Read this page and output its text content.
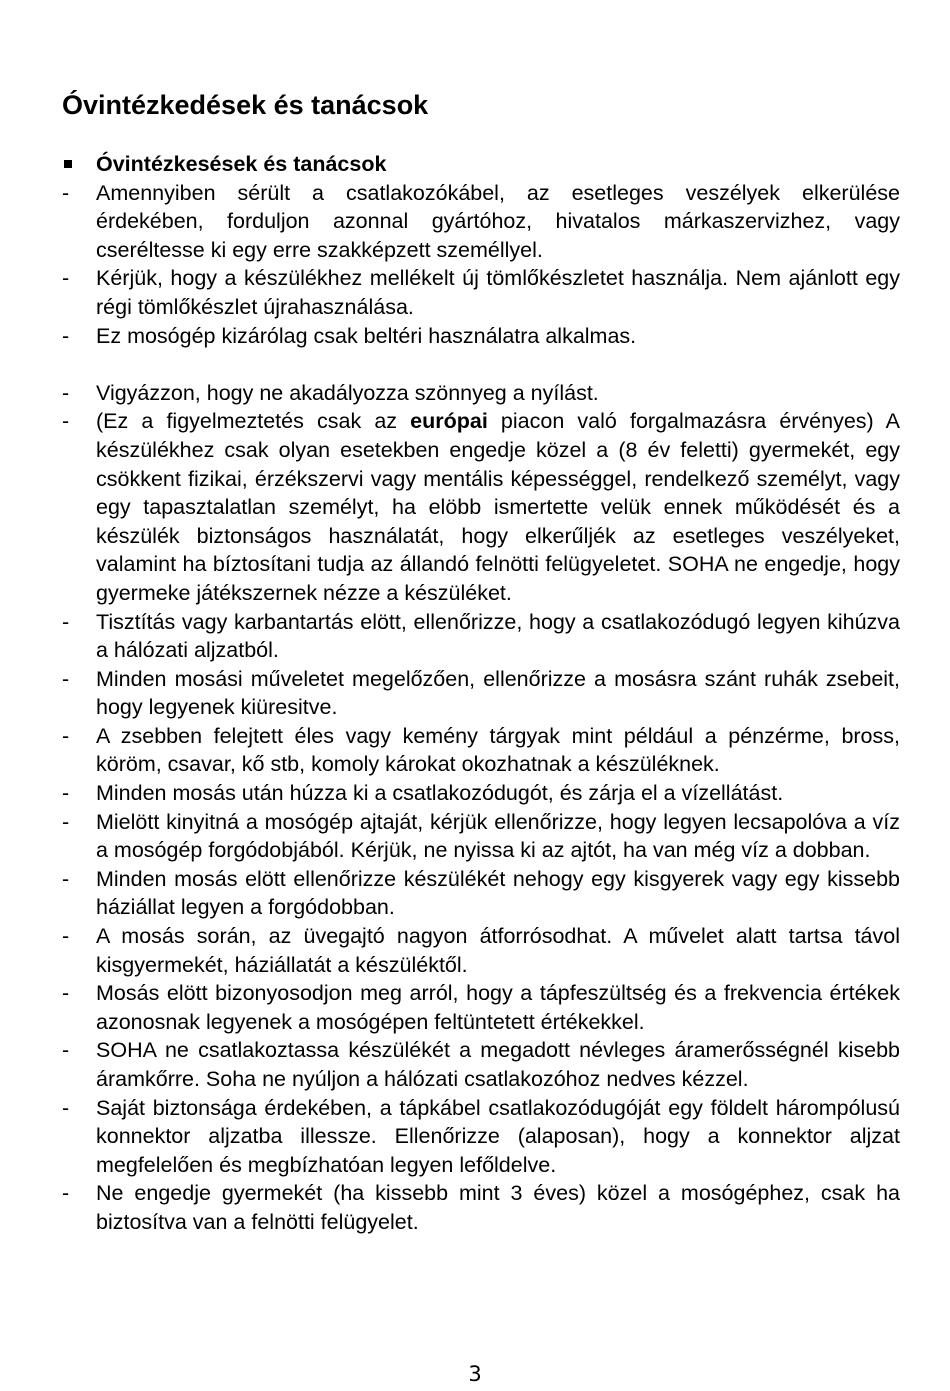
Óvintézkedések és tanácsok
Óvintézkesések és tanácsok
- Amennyiben sérült a csatlakozókábel, az esetleges veszélyek elkerülése érdekében, forduljon azonnal gyártóhoz, hivatalos márkaszervizhez, vagy cseréltesse ki egy erre szakképzett személlyel.
- Kérjük, hogy a készülékhez mellékelt új tömlőkészletet használja. Nem ajánlott egy régi tömlőkészlet újrahasználása.
- Ez mosógép kizárólag csak beltéri használatra alkalmas.
- Vigyázzon, hogy ne akadályozza szönnyeg a nyílást.
- (Ez a figyelmeztetés csak az európai piacon való forgalmazásra érvényes) A készülékhez csak olyan esetekben engedje közel a (8 év feletti) gyermekét, egy csökkent fizikai, érzékszervi vagy mentális képességgel, rendelkező személyt, vagy egy tapasztalatlan személyt, ha elöbb ismertette velük ennek működését és a készülék biztonságos használatát, hogy elkerűljék az esetleges veszélyeket, valamint ha bíztosítani tudja az állandó felnötti felügyeletet. SOHA ne engedje, hogy gyermeke játékszernek nézze a készüléket.
- Tisztítás vagy karbantartás elött, ellenőrizze, hogy a csatlakozódugó legyen kihúzva a hálózati aljzatból.
- Minden mosási műveletet megelőzően, ellenőrizze a mosásra szánt ruhák zsebeit, hogy legyenek kiüresitve.
- A zsebben felejtett éles vagy kemény tárgyak mint például a pénzérme, bross, köröm, csavar, kő stb, komoly károkat okozhatnak a készüléknek.
- Minden mosás után húzza ki a csatlakozódugót, és zárja el a vízellátást.
- Mielött kinyitná a mosógép ajtaját, kérjük ellenőrizze, hogy legyen lecsapolóva a víz a mosógép forgódobjából. Kérjük, ne nyissa ki az ajtót, ha van még víz a dobban.
- Minden mosás elött ellenőrizze készülékét nehogy egy kisgyerek vagy egy kissebb háziállat legyen a forgódobban.
- A mosás során, az üvegajtó nagyon átforrósodhat. A művelet alatt tartsa távol kisgyermekét, háziállatát a készüléktől.
- Mosás elött bizonyosodjon meg arról, hogy a tápfeszültség és a frekvencia értékek azonosnak legyenek a mosógépen feltüntetett értékekkel.
- SOHA ne csatlakoztassa készülékét a megadott névleges áramerősségnél kisebb áramkőrre. Soha ne nyúljon a hálózati csatlakozóhoz nedves kézzel.
- Saját biztonsága érdekében, a tápkábel csatlakozódugóját egy földelt hárompólusú konnektor aljzatba illessze. Ellenőrizze (alaposan), hogy a konnektor aljzat megfelelően és megbízhatóan legyen lefőldelve.
- Ne engedje gyermekét (ha kissebb mint 3 éves) közel a mosógéphez, csak ha biztosítva van a felnötti felügyelet.
3
